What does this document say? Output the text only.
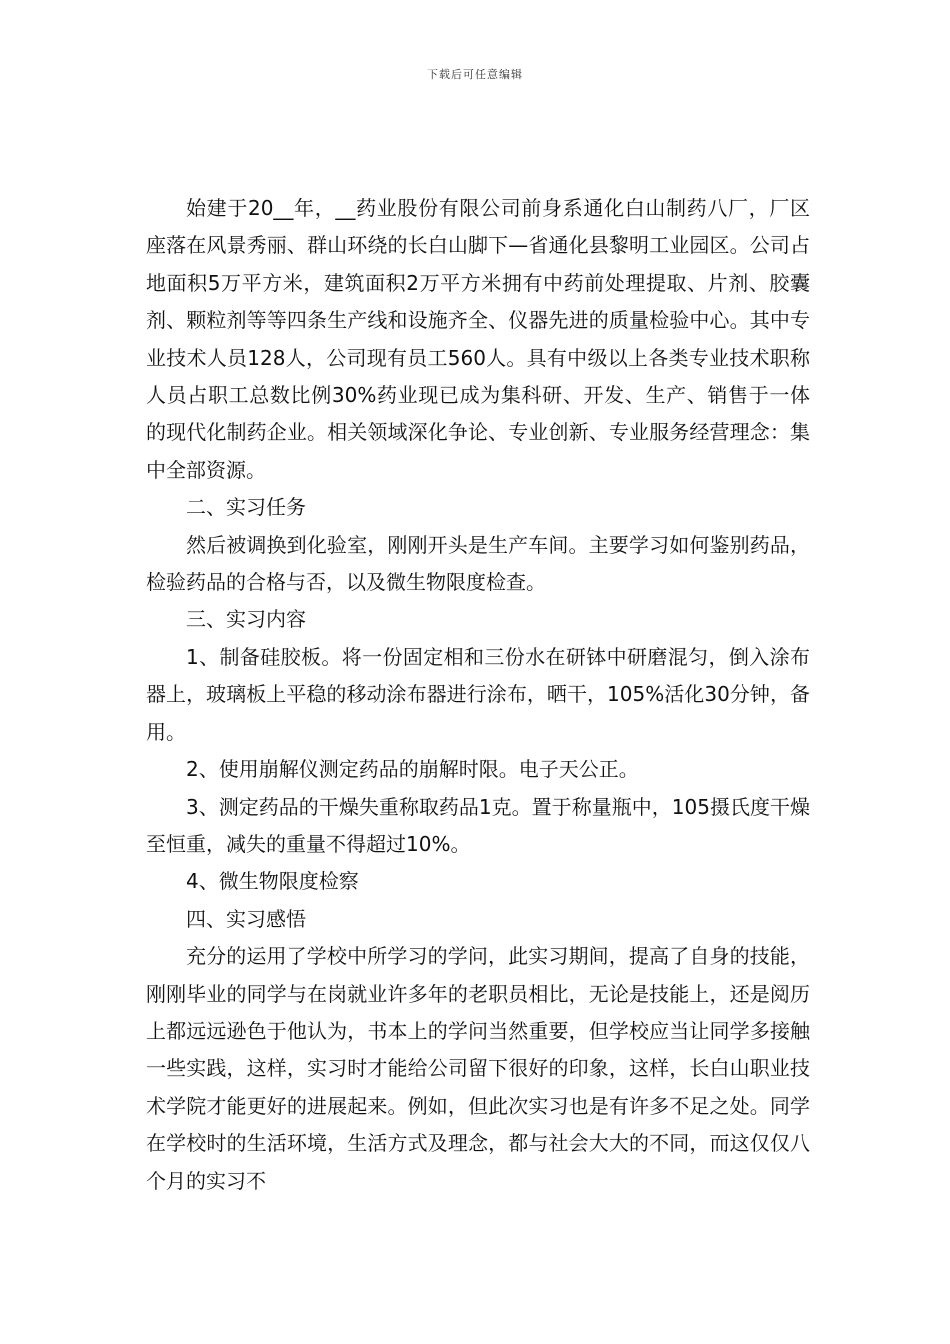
下载后可任意编辑

始建于20__年，__药业股份有限公司前身系通化白山制药八厂，厂区座落在风景秀丽、群山环绕的长白山脚下—省通化县黎明工业园区。公司占地面积5万平方米，建筑面积2万平方米拥有中药前处理提取、片剂、胶囊剂、颗粒剂等等四条生产线和设施齐全、仪器先进的质量检验中心。其中专业技术人员128人，公司现有员工560人。具有中级以上各类专业技术职称人员占职工总数比例30%药业现已成为集科研、开发、生产、销售于一体的现代化制药企业。相关领域深化争论、专业创新、专业服务经营理念：集中全部资源。

二、实习任务

然后被调换到化验室，刚刚开头是生产车间。主要学习如何鉴别药品，检验药品的合格与否，以及微生物限度检查。

三、实习内容

1、制备硅胶板。将一份固定相和三份水在研钵中研磨混匀，倒入涂布器上，玻璃板上平稳的移动涂布器进行涂布，晒干，105%活化30分钟，备用。

2、使用崩解仪测定药品的崩解时限。电子天公正。

3、测定药品的干燥失重称取药品1克。置于称量瓶中，105摄氏度干燥至恒重，减失的重量不得超过10%。

4、微生物限度检察

四、实习感悟

充分的运用了学校中所学习的学问，此实习期间，提高了自身的技能，刚刚毕业的同学与在岗就业许多年的老职员相比，无论是技能上，还是阅历上都远远逊色于他认为，书本上的学问当然重要，但学校应当让同学多接触一些实践，这样，实习时才能给公司留下很好的印象，这样，长白山职业技术学院才能更好的进展起来。例如，但此次实习也是有许多不足之处。同学在学校时的生活环境，生活方式及理念，都与社会大大的不同，而这仅仅八个月的实习不
